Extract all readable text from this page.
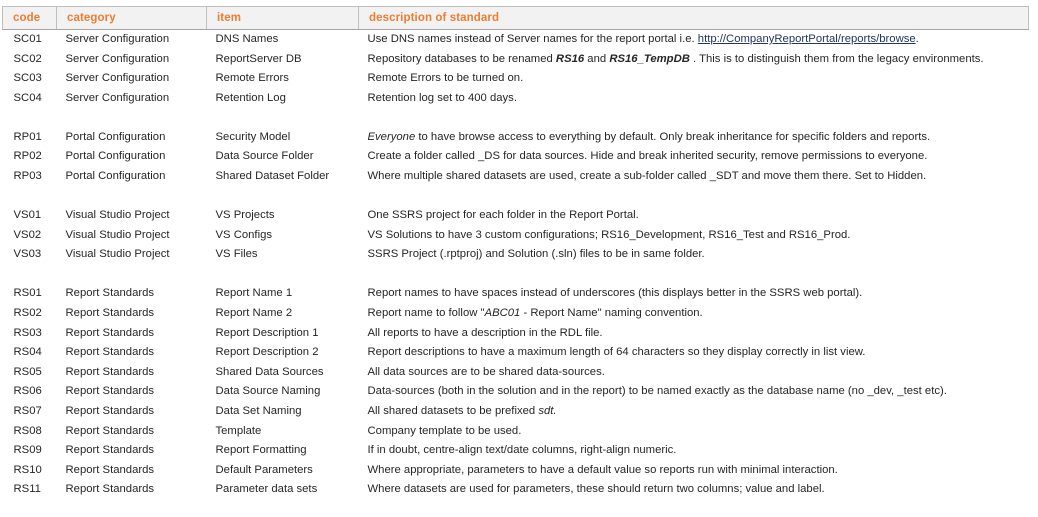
code	category	item	description of standard
SC01	Server Configuration	DNS Names	Use DNS names instead of Server names for the report portal i.e. http://CompanyReportPortal/reports/browse.
SC02	Server Configuration	ReportServer DB	Repository databases to be renamed RS16 and RS16_TempDB . This is to distinguish them from the legacy environments.
SC03	Server Configuration	Remote Errors	Remote Errors to be turned on.
SC04	Server Configuration	Retention Log	Retention log set to 400 days.

RP01	Portal Configuration	Security Model	Everyone to have browse access to everything by default. Only break inheritance for specific folders and reports.
RP02	Portal Configuration	Data Source Folder	Create a folder called _DS for data sources. Hide and break inherited security, remove permissions to everyone.
RP03	Portal Configuration	Shared Dataset Folder	Where multiple shared datasets are used, create a sub-folder called _SDT and move them there. Set to Hidden.

VS01	Visual Studio Project	VS Projects	One SSRS project for each folder in the Report Portal.
VS02	Visual Studio Project	VS Configs	VS Solutions to have 3 custom configurations; RS16_Development, RS16_Test and RS16_Prod.
VS03	Visual Studio Project	VS Files	SSRS Project (.rptproj) and Solution (.sln) files to be in same folder.

RS01	Report Standards	Report Name 1	Report names to have spaces instead of underscores (this displays better in the SSRS web portal).
RS02	Report Standards	Report Name 2	Report name to follow "ABC01 - Report Name" naming convention.
RS03	Report Standards	Report Description 1	All reports to have a description in the RDL file.
RS04	Report Standards	Report Description 2	Report descriptions to have a maximum length of 64 characters so they display correctly in list view.
RS05	Report Standards	Shared Data Sources	All data sources are to be shared data-sources.
RS06	Report Standards	Data Source Naming	Data-sources (both in the solution and in the report) to be named exactly as the database name (no _dev, _test etc).
RS07	Report Standards	Data Set Naming	All shared datasets to be prefixed sdt.
RS08	Report Standards	Template	Company template to be used.
RS09	Report Standards	Report Formatting	If in doubt, centre-align text/date columns, right-align numeric.
RS10	Report Standards	Default Parameters	Where appropriate, parameters to have a default value so reports run with minimal interaction.
RS11	Report Standards	Parameter data sets	Where datasets are used for parameters, these should return two columns; value and label.
